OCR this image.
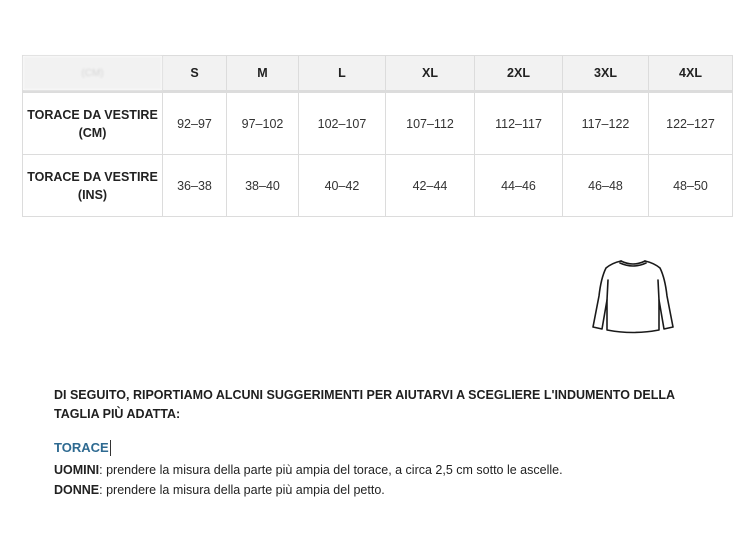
(CM)	S	M	L	XL	2XL	3XL	4XL
TORACE DA VESTIRE
(CM)	92–97	97–102	102–107	107–112	112–117	117–122	122–127
TORACE DA VESTIRE
(INS)	36–38	38–40	40–42	42–44	44–46	46–48	48–50

DI SEGUITO, RIPORTIAMO ALCUNI SUGGERIMENTI PER AIUTARVI A SCEGLIERE L'INDUMENTO DELLA
TAGLIA PIÙ ADATTA:

TORACE

UOMINI: prendere la misura della parte più ampia del torace, a circa 2,5 cm sotto le ascelle.

DONNE: prendere la misura della parte più ampia del petto.
